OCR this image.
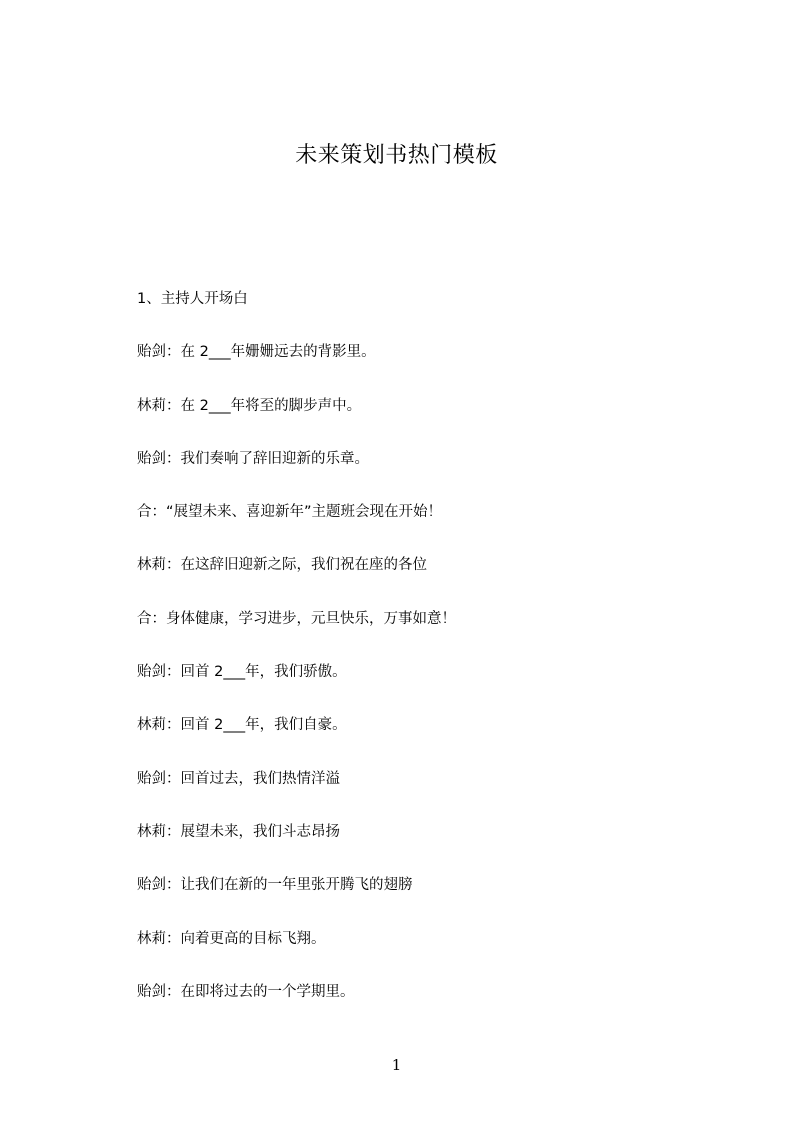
未来策划书热门模板
1、主持人开场白
贻剑：在 2___年姗姗远去的背影里。
林莉：在 2___年将至的脚步声中。
贻剑：我们奏响了辞旧迎新的乐章。
合：“展望未来、喜迎新年”主题班会现在开始！
林莉：在这辞旧迎新之际，我们祝在座的各位
合：身体健康，学习进步，元旦快乐，万事如意！
贻剑：回首 2___年，我们骄傲。
林莉：回首 2___年，我们自豪。
贻剑：回首过去，我们热情洋溢
林莉：展望未来，我们斗志昂扬
贻剑：让我们在新的一年里张开腾飞的翅膀
林莉：向着更高的目标飞翔。
贻剑：在即将过去的一个学期里。
1
